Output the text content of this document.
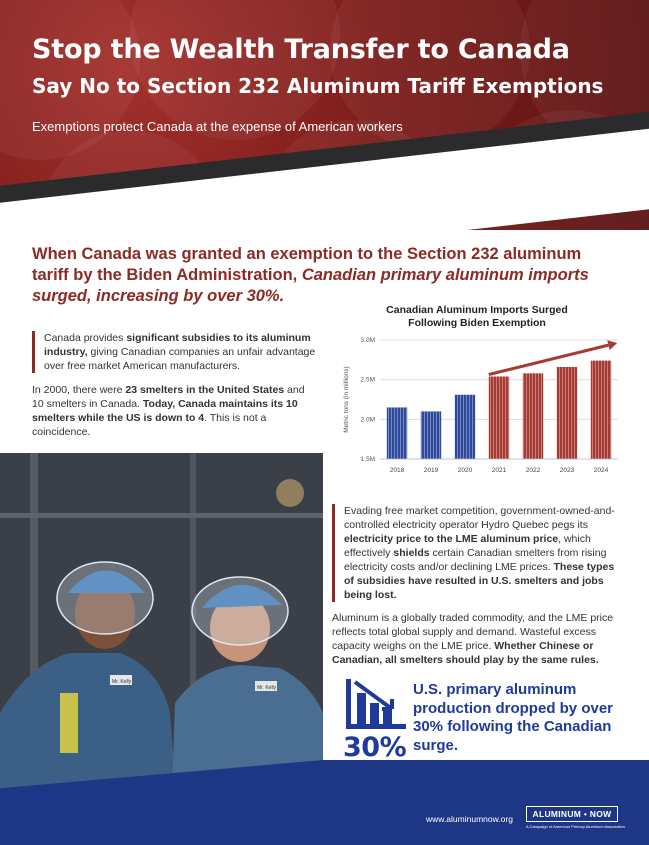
Stop the Wealth Transfer to Canada
Say No to Section 232 Aluminum Tariff Exemptions
Exemptions protect Canada at the expense of American workers

When Canada was granted an exemption to the Section 232 aluminum tariff by the Biden Administration, Canadian primary aluminum imports surged, increasing by over 30%.

Canada provides significant subsidies to its aluminum industry, giving Canadian companies an unfair advantage over free market American manufacturers.

In 2000, there were 23 smelters in the United States and 10 smelters in Canada. Today, Canada maintains its 10 smelters while the US is down to 4. This is not a coincidence.

Canadian Aluminum Imports Surged Following Biden Exemption
1.5M
2.0M
2.5M
3.0M
Metric tons (in millions)
2018	2019	2020	2021	2022	2023	2024
Mr. Kelly
Mr. Kelly

Evading free market competition, government-owned-and-controlled electricity operator Hydro Quebec pegs its electricity price to the LME aluminum price, which effectively shields certain Canadian smelters from rising electricity costs and/or declining LME prices. These types of subsidies have resulted in U.S. smelters and jobs being lost.

Aluminum is a globally traded commodity, and the LME price reflects total global supply and demand. Wasteful excess capacity weighs on the LME price. Whether Chinese or Canadian, all smelters should play by the same rules.

30%
U.S. primary aluminum production dropped by over 30% following the Canadian surge.
www.aluminumnow.org	ALUMINUM • NOW
A Campaign of American Primary Aluminum Association
